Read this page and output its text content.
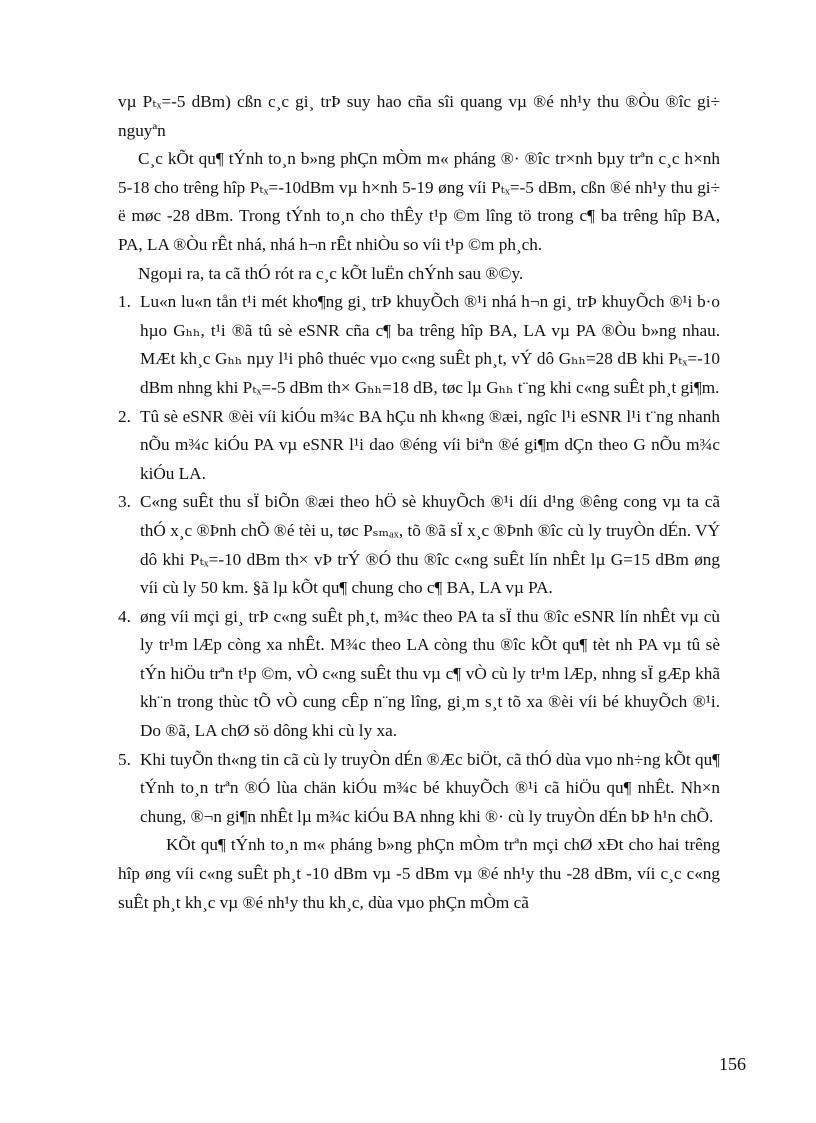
vµ Pₜₓ=-5 dBm) cßn c¸c gi¸ trÞ suy hao cña sîi quang vµ ®é nh¹y thu ®Òu ®îc gi÷ nguyªn

C¸c kÕt qu¶ tÝnh to¸n b»ng phÇn mÒm m« pháng ®· ®îc tr×nh bµy trªn c¸c h×nh 5-18 cho trêng hîp Pₜₓ=-10dBm vµ h×nh 5-19 øng víi Pₜₓ=-5 dBm, cßn ®é nh¹y thu gi÷ ë møc -28 dBm. Trong tÝnh to¸n cho thÊy t¹p ©m lîng tö trong c¶ ba trêng hîp BA, PA, LA ®Òu rÊt nhá, nhá h¬n rÊt nhiÒu so víi t¹p ©m ph¸ch.

Ngoµi ra, ta cã thÓ rót ra c¸c kÕt luËn chÝnh sau ®©y.

1. Lu«n lu«n tån t¹i mét kho¶ng gi¸ trÞ khuyÕch ®¹i nhá h¬n gi¸ trÞ khuyÕch ®¹i b·o hµo Gₕₕ, t¹i ®ã tû sè eSNR cña c¶ ba trêng hîp BA, LA vµ PA ®Òu b»ng nhau. MÆt kh¸c Gₕₕ nµy l¹i phô thuéc vµo c«ng suÊt ph¸t, vÝ dô Gₕₕ=28 dB khi Pₜₓ=-10 dBm nhng khi Pₜₓ=-5 dBm th× Gₕₕ=18 dB, tøc lµ Gₕₕ t¨ng khi c«ng suÊt ph¸t gi¶m.
2. Tû sè eSNR ®èi víi kiÓu m¾c BA hÇu nh kh«ng ®æi, ngîc l¹i eSNR l¹i t¨ng nhanh nÕu m¾c kiÓu PA vµ eSNR l¹i dao ®éng víi biªn ®é gi¶m dÇn theo G nÕu m¾c kiÓu LA.
3. C«ng suÊt thu sÏ biÕn ®æi theo hÖ sè khuyÕch ®¹i díi d¹ng ®êng cong vµ ta cã thÓ x¸c ®Þnh chÕ ®é tèi u, tøc Pₛₘₐₓ, tõ ®ã sÏ x¸c ®Þnh ®îc cù ly truyÒn dÉn. VÝ dô khi Pₜₓ=-10 dBm th× vÞ trÝ ®Ó thu ®îc c«ng suÊt lín nhÊt lµ G=15 dBm øng víi cù ly 50 km. §ã lµ kÕt qu¶ chung cho c¶ BA, LA vµ PA.
4. øng víi mçi gi¸ trÞ c«ng suÊt ph¸t, m¾c theo PA ta sÏ thu ®îc eSNR lín nhÊt vµ cù ly tr¹m lÆp còng xa nhÊt. M¾c theo LA còng thu ®îc kÕt qu¶ tèt nh PA vµ tû sè tÝn hiÖu trªn t¹p ©m, vÒ c«ng suÊt thu vµ c¶ vÒ cù ly tr¹m lÆp, nhng sÏ gÆp khã kh¨n trong thùc tÕ vÒ cung cÊp n¨ng lîng, gi¸m s¸t tõ xa ®èi víi bé khuyÕch ®¹i. Do ®ã, LA chØ sö dông khi cù ly xa.
5. Khi tuyÕn th«ng tin cã cù ly truyÒn dÉn ®Æc biÖt, cã thÓ dùa vµo nh÷ng kÕt qu¶ tÝnh to¸n trªn ®Ó lùa chän kiÓu m¾c bé khuyÕch ®¹i cã hiÖu qu¶ nhÊt. Nh×n chung, ®¬n gi¶n nhÊt lµ m¾c kiÓu BA nhng khi ®· cù ly truyÒn dÉn bÞ h¹n chÕ.

KÕt qu¶ tÝnh to¸n m« pháng b»ng phÇn mÒm trªn mçi chØ xÐt cho hai trêng hîp øng víi c«ng suÊt ph¸t -10 dBm vµ -5 dBm vµ ®é nh¹y thu -28 dBm, víi c¸c c«ng suÊt ph¸t kh¸c vµ ®é nh¹y thu kh¸c, dùa vµo phÇn mÒm cã

156
